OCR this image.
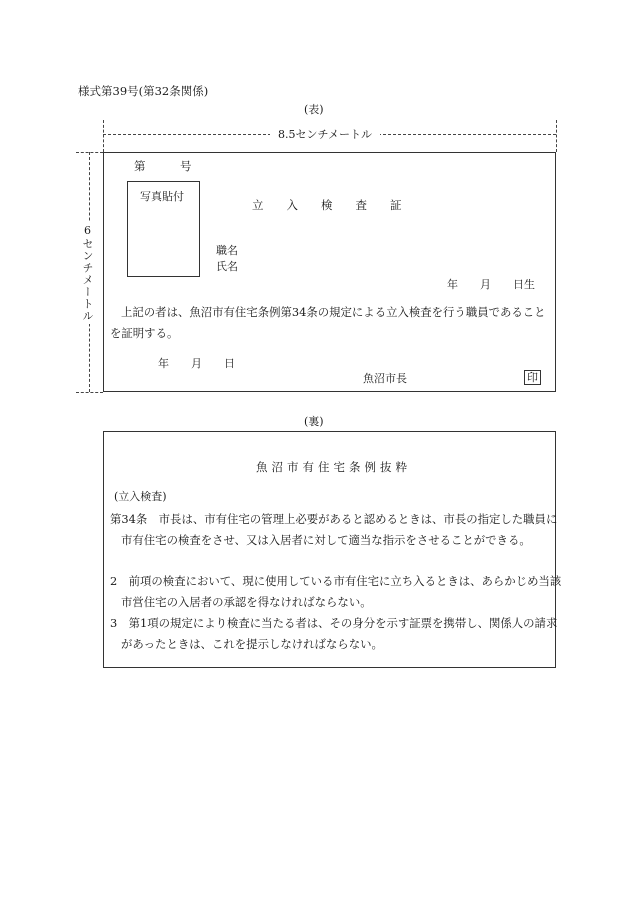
様式第39号(第32条関係)
(表)
8.5センチメートル
6センチメートル
第　　　号
写真貼付
立　　入　　検　　査　　証
職名
氏名
年　　月　　日生
上記の者は、魚沼市有住宅条例第34条の規定による立入検査を行う職員であることを証明する。
年　　月　　日
魚沼市長	印
(裏)
魚沼市有住宅条例抜粋
(立入検査)
第34条　市長は、市有住宅の管理上必要があると認めるときは、市長の指定した職員に市有住宅の検査をさせ、又は入居者に対して適当な指示をさせることができる。
2　前項の検査において、現に使用している市有住宅に立ち入るときは、あらかじめ当該市営住宅の入居者の承認を得なければならない。
3　第1項の規定により検査に当たる者は、その身分を示す証票を携帯し、関係人の請求があったときは、これを提示しなければならない。
